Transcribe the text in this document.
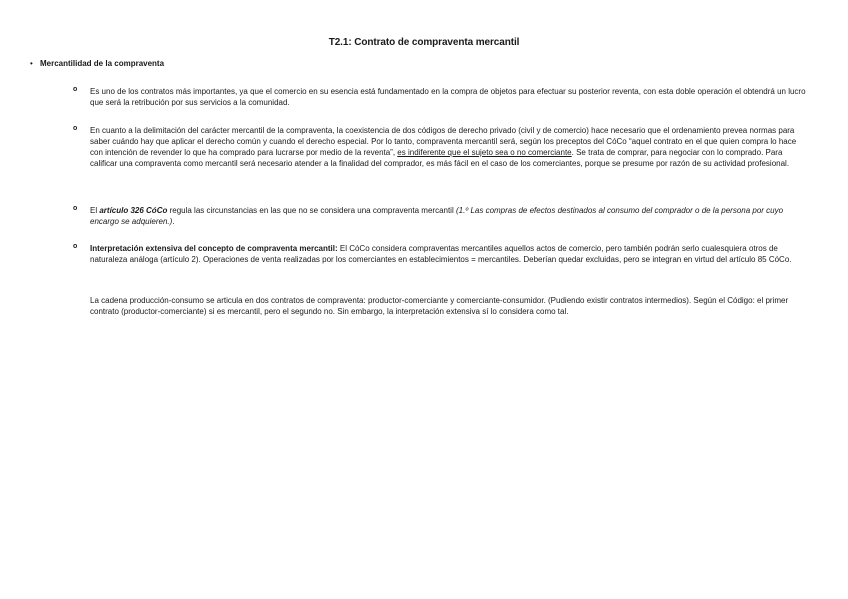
T2.1: Contrato de compraventa mercantil
• Mercantilidad de la compraventa
o Es uno de los contratos más importantes, ya que el comercio en su esencia está fundamentado en la compra de objetos para efectuar su posterior reventa, con esta doble operación el obtendrá un lucro que será la retribución por sus servicios a la comunidad.
o En cuanto a la delimitación del carácter mercantil de la compraventa, la coexistencia de dos códigos de derecho privado (civil y de comercio) hace necesario que el ordenamiento prevea normas para saber cuándo hay que aplicar el derecho común y cuando el derecho especial. Por lo tanto, compraventa mercantil será, según los preceptos del CóCo “aquel contrato en el que quien compra lo hace con intención de revender lo que ha comprado para lucrarse por medio de la reventa”, es indiferente que el sujeto sea o no comerciante. Se trata de comprar, para negociar con lo comprado. Para calificar una compraventa como mercantil será necesario atender a la finalidad del comprador, es más fácil en el caso de los comerciantes, porque se presume por razón de su actividad profesional.
o El artículo 326 CóCo regula las circunstancias en las que no se considera una compraventa mercantil (1.º Las compras de efectos destinados al consumo del comprador o de la persona por cuyo encargo se adquieren.).
o Interpretación extensiva del concepto de compraventa mercantil: El CóCo considera compraventas mercantiles aquellos actos de comercio, pero también podrán serlo cualesquiera otros de naturaleza análoga (artículo 2). Operaciones de venta realizadas por los comerciantes en establecimientos = mercantiles. Deberían quedar excluidas, pero se integran en virtud del artículo 85 CóCo.
La cadena producción-consumo se articula en dos contratos de compraventa: productor-comerciante y comerciante-consumidor. (Pudiendo existir contratos intermedios). Según el Código: el primer contrato (productor-comerciante) si es mercantil, pero el segundo no. Sin embargo, la interpretación extensiva sí lo considera como tal.
